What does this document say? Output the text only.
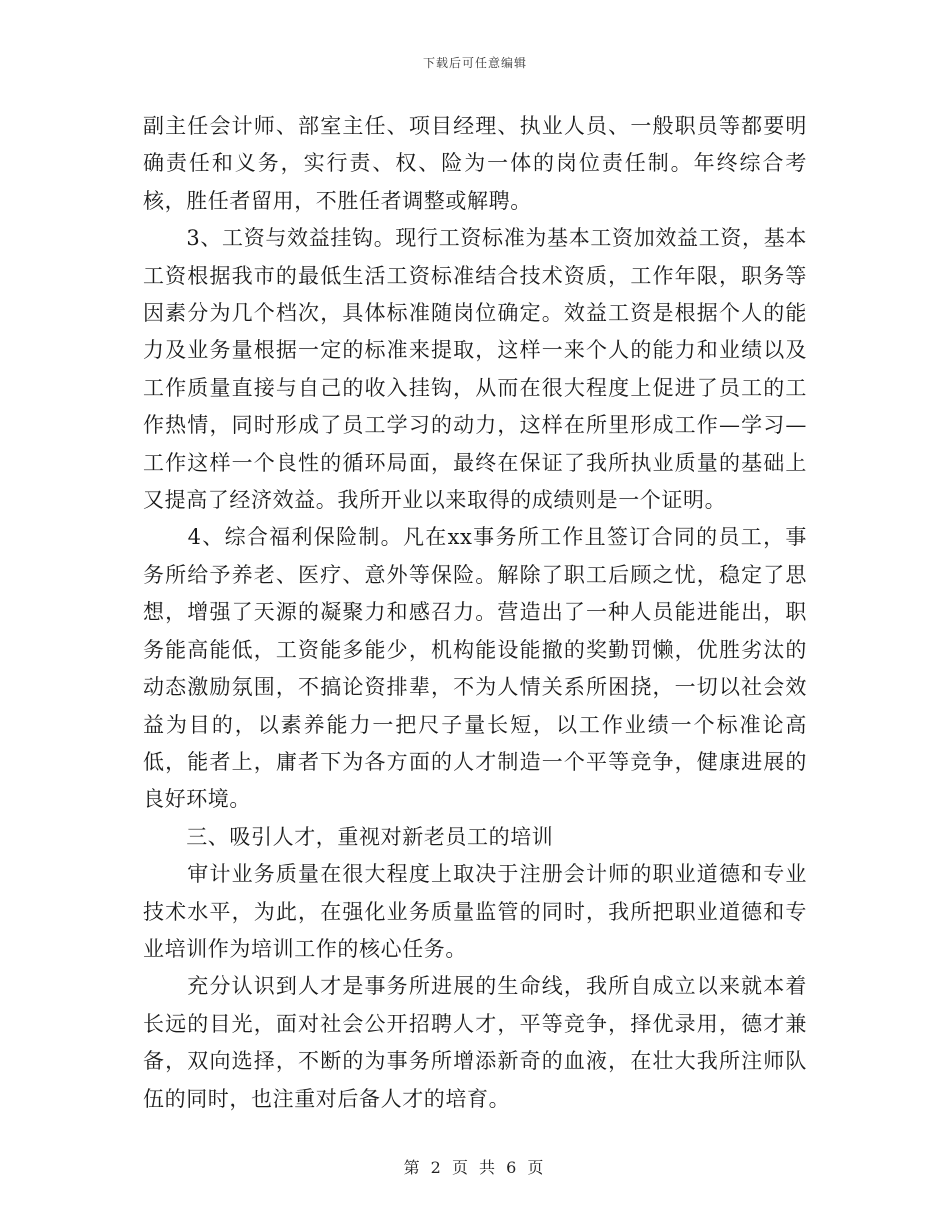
下载后可任意编辑

副主任会计师、部室主任、项目经理、执业人员、一般职员等都要明确责任和义务，实行责、权、险为一体的岗位责任制。年终综合考核，胜任者留用，不胜任者调整或解聘。

　　3、工资与效益挂钩。现行工资标准为基本工资加效益工资，基本工资根据我市的最低生活工资标准结合技术资质，工作年限，职务等因素分为几个档次，具体标准随岗位确定。效益工资是根据个人的能力及业务量根据一定的标准来提取，这样一来个人的能力和业绩以及工作质量直接与自己的收入挂钩，从而在很大程度上促进了员工的工作热情，同时形成了员工学习的动力，这样在所里形成工作—学习—工作这样一个良性的循环局面，最终在保证了我所执业质量的基础上又提高了经济效益。我所开业以来取得的成绩则是一个证明。

　　4、综合福利保险制。凡在xx事务所工作且签订合同的员工，事务所给予养老、医疗、意外等保险。解除了职工后顾之忧，稳定了思想，增强了天源的凝聚力和感召力。营造出了一种人员能进能出，职务能高能低，工资能多能少，机构能设能撤的奖勤罚懒，优胜劣汰的动态激励氛围，不搞论资排辈，不为人情关系所困挠，一切以社会效益为目的，以素养能力一把尺子量长短，以工作业绩一个标准论高低，能者上，庸者下为各方面的人才制造一个平等竞争，健康进展的良好环境。

　　三、吸引人才，重视对新老员工的培训

　　审计业务质量在很大程度上取决于注册会计师的职业道德和专业技术水平，为此，在强化业务质量监管的同时，我所把职业道德和专业培训作为培训工作的核心任务。

　　充分认识到人才是事务所进展的生命线，我所自成立以来就本着长远的目光，面对社会公开招聘人才，平等竞争，择优录用，德才兼备，双向选择，不断的为事务所增添新奇的血液，在壮大我所注师队伍的同时，也注重对后备人才的培育。

第 2 页 共 6 页
